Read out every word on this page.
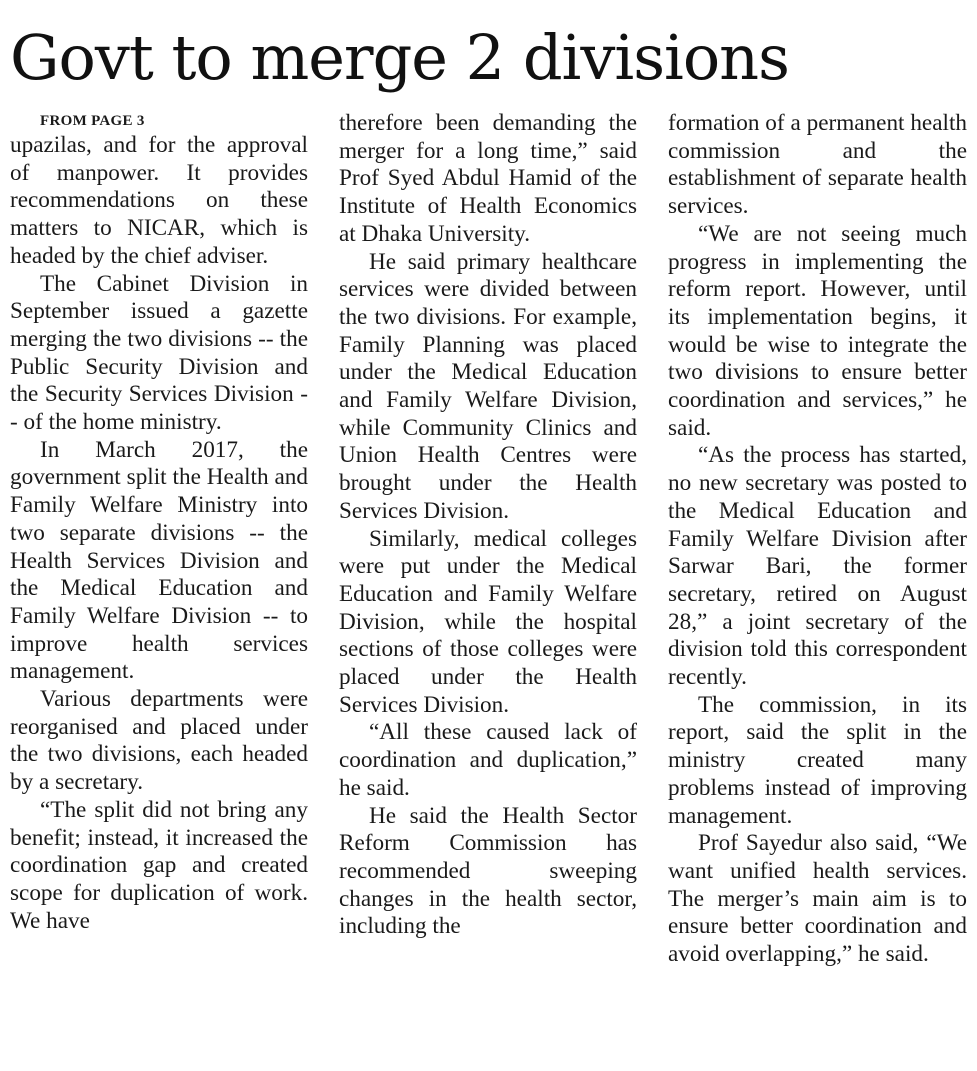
Govt to merge 2 divisions

FROM PAGE 3

upazilas, and for the approval of manpower. It provides recommendations on these matters to NICAR, which is headed by the chief adviser.

The Cabinet Division in September issued a gazette merging the two divisions -- the Public Security Division and the Security Services Division -- of the home ministry.

In March 2017, the government split the Health and Family Welfare Ministry into two separate divisions -- the Health Services Division and the Medical Education and Family Welfare Division -- to improve health services management.

Various departments were reorganised and placed under the two divisions, each headed by a secretary.

“The split did not bring any benefit; instead, it increased the coordination gap and created scope for duplication of work. We have

therefore been demanding the merger for a long time,” said Prof Syed Abdul Hamid of the Institute of Health Economics at Dhaka University.

He said primary healthcare services were divided between the two divisions. For example, Family Planning was placed under the Medical Education and Family Welfare Division, while Community Clinics and Union Health Centres were brought under the Health Services Division.

Similarly, medical colleges were put under the Medical Education and Family Welfare Division, while the hospital sections of those colleges were placed under the Health Services Division.

“All these caused lack of coordination and duplication,” he said.

He said the Health Sector Reform Commission has recommended sweeping changes in the health sector, including the

formation of a permanent health commission and the establishment of separate health services.

“We are not seeing much progress in implementing the reform report. However, until its implementation begins, it would be wise to integrate the two divisions to ensure better coordination and services,” he said.

“As the process has started, no new secretary was posted to the Medical Education and Family Welfare Division after Sarwar Bari, the former secretary, retired on August 28,” a joint secretary of the division told this correspondent recently.

The commission, in its report, said the split in the ministry created many problems instead of improving management.

Prof Sayedur also said, “We want unified health services. The merger’s main aim is to ensure better coordination and avoid overlapping,” he said.
